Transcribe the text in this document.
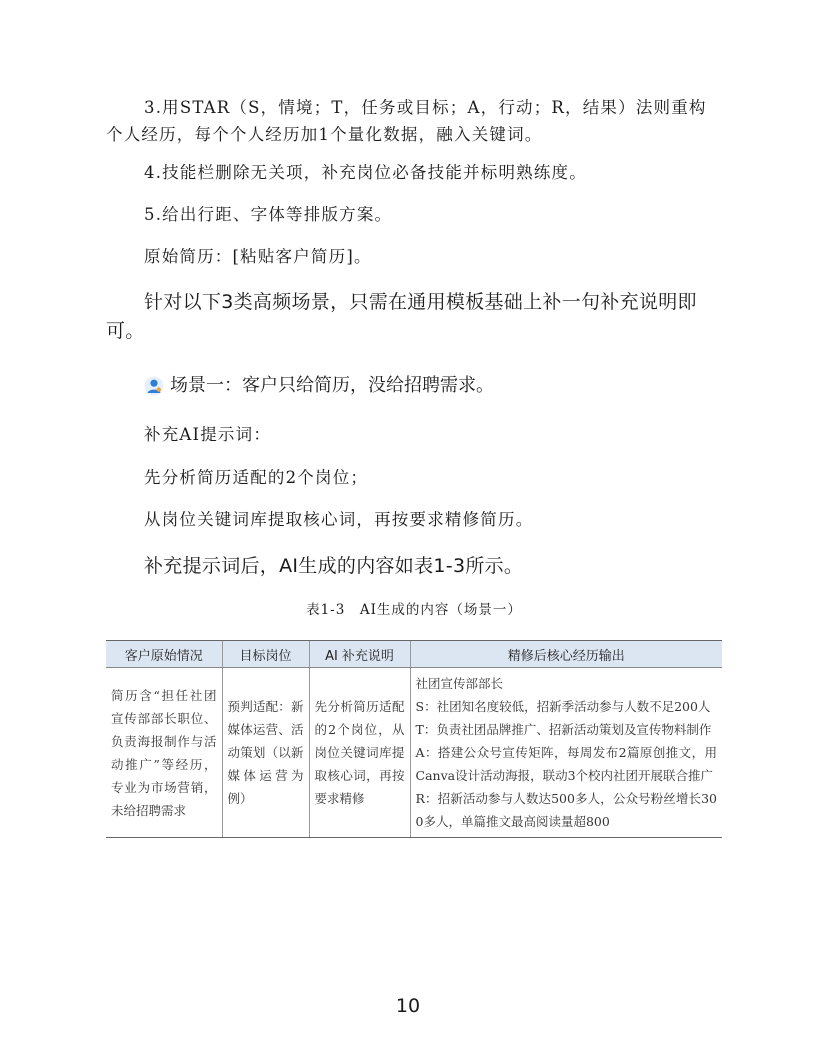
3.用STAR（S，情境；T，任务或目标；A，行动；R，结果）法则重构个人经历，每个个人经历加1个量化数据，融入关键词。

4.技能栏删除无关项，补充岗位必备技能并标明熟练度。

5.给出行距、字体等排版方案。

原始简历：[粘贴客户简历]。

针对以下3类高频场景，只需在通用模板基础上补一句补充说明即可。

场景一：客户只给简历，没给招聘需求。

补充AI提示词：

先分析简历适配的2个岗位；

从岗位关键词库提取核心词，再按要求精修简历。

补充提示词后，AI生成的内容如表1-3所示。

表1-3　AI生成的内容（场景一）
客户原始情况	目标岗位	AI 补充说明	精修后核心经历输出
简历含“担任社团宣传部部长职位、负责海报制作与活动推广”等经历，专业为市场营销，未给招聘需求	预判适配：新媒体运营、活动策划（以新媒体运营为例）	先分析简历适配的2个岗位，从岗位关键词库提取核心词，再按要求精修	社团宣传部部长
S：社团知名度较低，招新季活动参与人数不足200人
T：负责社团品牌推广、招新活动策划及宣传物料制作
A：搭建公众号宣传矩阵，每周发布2篇原创推文，用Canva设计活动海报，联动3个校内社团开展联合推广
R：招新活动参与人数达500多人，公众号粉丝增长300多人，单篇推文最高阅读量超800
10
